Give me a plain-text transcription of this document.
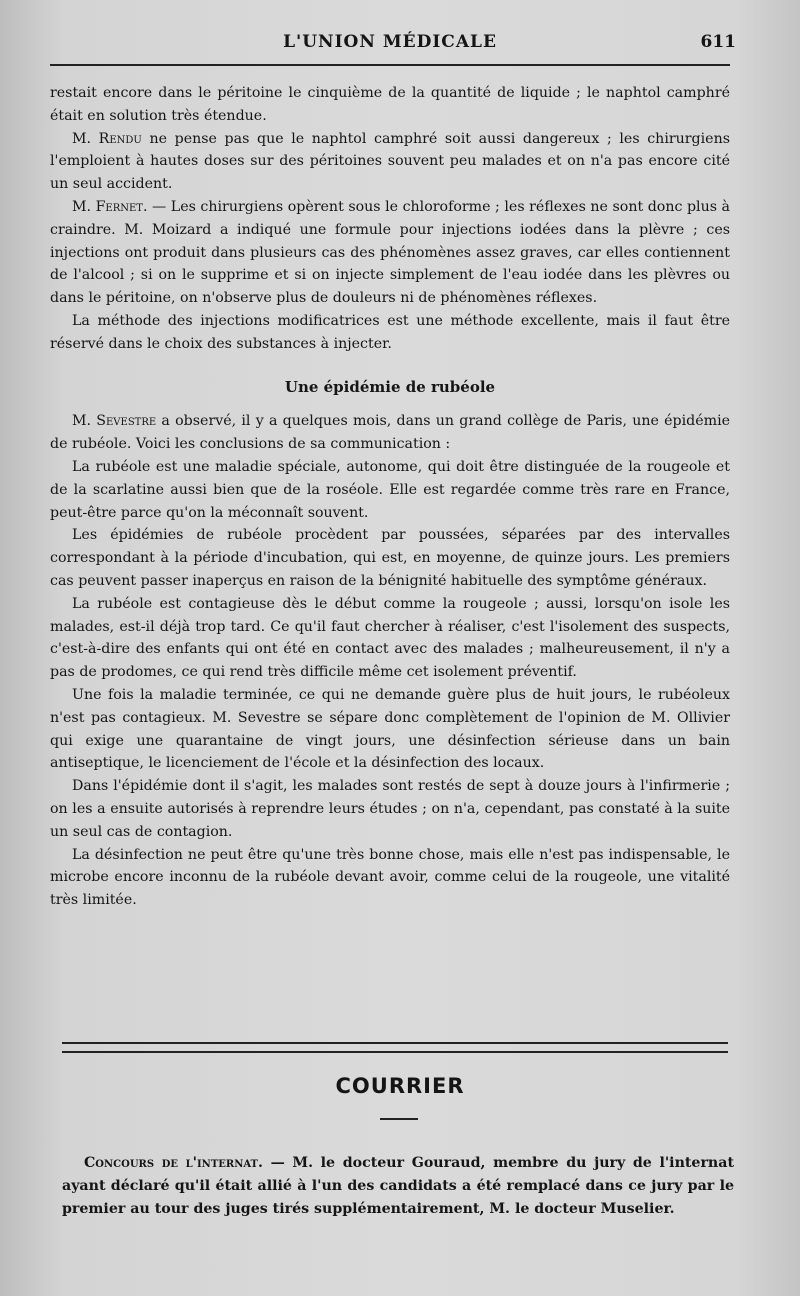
L'UNION MÉDICALE	611

restait encore dans le péritoine le cinquième de la quantité de liquide ; le naphtol camphré était en solution très étendue.

M. Rendu ne pense pas que le naphtol camphré soit aussi dangereux ; les chirurgiens l'emploient à hautes doses sur des péritoines souvent peu malades et on n'a pas encore cité un seul accident.

M. Fernet. — Les chirurgiens opèrent sous le chloroforme ; les réflexes ne sont donc plus à craindre. M. Moizard a indiqué une formule pour injections iodées dans la plèvre ; ces injections ont produit dans plusieurs cas des phénomènes assez graves, car elles contiennent de l'alcool ; si on le supprime et si on injecte simplement de l'eau iodée dans les plèvres ou dans le péritoine, on n'observe plus de douleurs ni de phénomènes réflexes.

La méthode des injections modificatrices est une méthode excellente, mais il faut être réservé dans le choix des substances à injecter.

Une épidémie de rubéole

M. Sevestre a observé, il y a quelques mois, dans un grand collège de Paris, une épidémie de rubéole. Voici les conclusions de sa communication :

La rubéole est une maladie spéciale, autonome, qui doit être distinguée de la rougeole et de la scarlatine aussi bien que de la roséole. Elle est regardée comme très rare en France, peut-être parce qu'on la méconnaît souvent.

Les épidémies de rubéole procèdent par poussées, séparées par des intervalles correspondant à la période d'incubation, qui est, en moyenne, de quinze jours. Les premiers cas peuvent passer inaperçus en raison de la bénignité habituelle des symptôme généraux.

La rubéole est contagieuse dès le début comme la rougeole ; aussi, lorsqu'on isole les malades, est-il déjà trop tard. Ce qu'il faut chercher à réaliser, c'est l'isolement des suspects, c'est-à-dire des enfants qui ont été en contact avec des malades ; malheureusement, il n'y a pas de prodomes, ce qui rend très difficile même cet isolement préventif.

Une fois la maladie terminée, ce qui ne demande guère plus de huit jours, le rubéoleux n'est pas contagieux. M. Sevestre se sépare donc complètement de l'opinion de M. Ollivier qui exige une quarantaine de vingt jours, une désinfection sérieuse dans un bain antiseptique, le licenciement de l'école et la désinfection des locaux.

Dans l'épidémie dont il s'agit, les malades sont restés de sept à douze jours à l'infirmerie ; on les a ensuite autorisés à reprendre leurs études ; on n'a, cependant, pas constaté à la suite un seul cas de contagion.

La désinfection ne peut être qu'une très bonne chose, mais elle n'est pas indispensable, le microbe encore inconnu de la rubéole devant avoir, comme celui de la rougeole, une vitalité très limitée.

COURRIER

Concours de l'internat. — M. le docteur Gouraud, membre du jury de l'internat ayant déclaré qu'il était allié à l'un des candidats a été remplacé dans ce jury par le premier au tour des juges tirés supplémentairement, M. le docteur Muselier.
